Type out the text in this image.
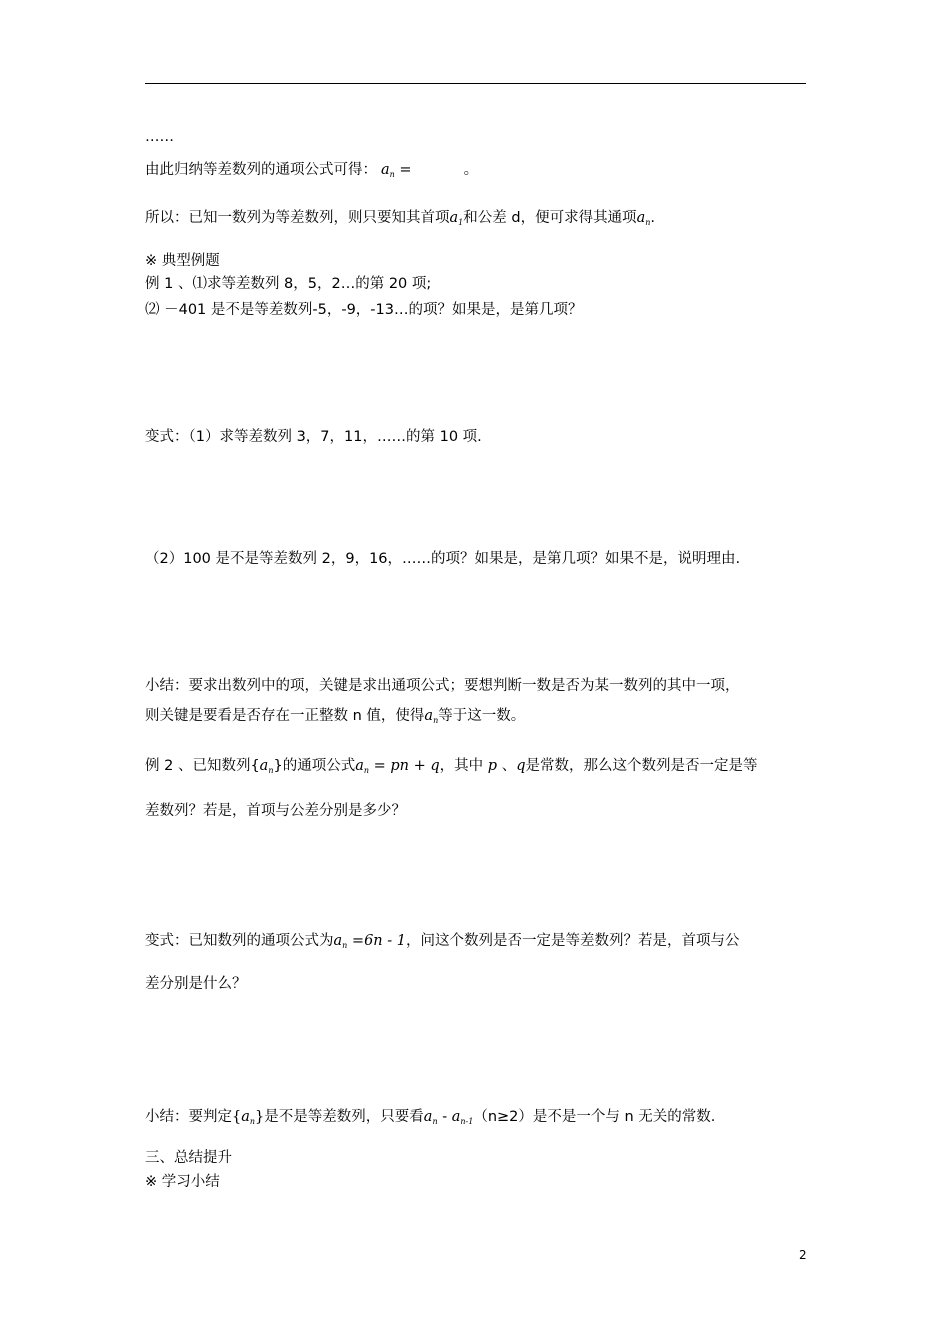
……
由此归纳等差数列的通项公式可得： $a_n$ =	。
所以：已知一数列为等差数列，则只要知其首项$a_1$和公差 d，便可求得其通项$a_n$.
※ 典型例题
例 1 、⑴求等差数列 8，5，2…的第 20 项;
⑵ －401 是不是等差数列-5，-9，-13…的项？如果是，是第几项？
变式：（1）求等差数列 3，7，11，……的第 10 项.
（2）100 是不是等差数列 2，9，16，……的项？如果是，是第几项？如果不是，说明理由.
小结：要求出数列中的项，关键是求出通项公式；要想判断一数是否为某一数列的其中一项，
则关键是要看是否存在一正整数 n 值，使得$a_n$等于这一数。
例 2 、已知数列$\{a_n\}$的通项公式$a_n$ = pn + q，其中 p 、q是常数，那么这个数列是否一定是等
差数列？若是，首项与公差分别是多少？
变式：已知数列的通项公式为$a_n =6n - 1$，问这个数列是否一定是等差数列？若是，首项与公
差分别是什么？
小结：要判定$\{a_n\}$是不是等差数列，只要看$a_n - a_{n-1}(n\ge 2)$是不是一个与 n 无关的常数.
三、总结提升
※ 学习小结
2
